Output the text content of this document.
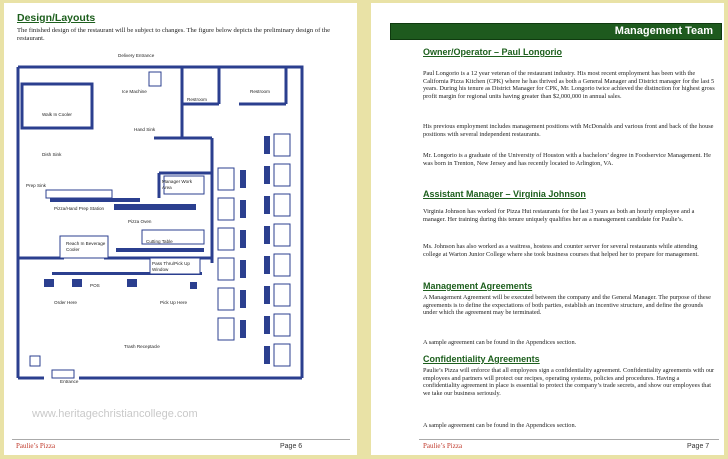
Design/Layouts
The finished design of the restaurant will be subject to changes. The figure below depicts the preliminary design of the restaurant.
Delivery Entrance
Ice Machine
Restroom
Restroom
Walk In Cooler
Hand Sink
Dish Sink
Prep Sink
Manager Work Area
Pizza/Hand Prep Station
Pizza Oven
Reach In Beverage Cooler
Cutting Table
Pass Thru/Pick Up Window
POS
Order Here	Pick Up Here
Trash Receptacle
Entrance
www.heritagechristiancollege.com
Paulie’s Pizza	Page 6
Management Team
Owner/Operator – Paul Longorio
Paul Longorio is a 12 year veteran of the restaurant industry. His most recent employment has been with the California Pizza Kitchen (CPK) where he has thrived as both a General Manager and District manager for the last 5 years. During his tenure as District Manager for CPK, Mr. Longorio twice achieved the distinction for highest gross profit margin for regional units having greater than $2,000,000 in annual sales.
His previous employment includes management positions with McDonalds and various front and back of the house positions with several independent restaurants.
Mr. Longorio is a graduate of the University of Houston with a bachelors’ degree in Foodservice Management. He was born in Trenton, New Jersey and has recently located to Arlington, VA.
Assistant Manager – Virginia Johnson
Virginia Johnson has worked for Pizza Hut restaurants for the last 3 years as both an hourly employee and a manager. Her training during this tenure uniquely qualifies her as a management candidate for Paulie’s.
Ms. Johnson has also worked as a waitress, hostess and counter server for several restaurants while attending college at Warton Junior College where she took business courses that helped her to prepare for management.
Management Agreements
A Management Agreement will be executed between the company and the General Manager. The purpose of these agreements is to define the expectations of both parties, establish an incentive structure, and define the grounds under which the agreement may be terminated.
A sample agreement can be found in the Appendices section.
Confidentiality Agreements
Paulie’s Pizza will enforce that all employees sign a confidentiality agreement. Confidentiality agreements with our employees and partners will protect our recipes, operating systems, policies and procedures. Having a confidentiality agreement in place is essential to protect the company’s trade secrets, and show our employees that we take our business seriously.
A sample agreement can be found in the Appendices section.
Paulie’s Pizza	Page 7
